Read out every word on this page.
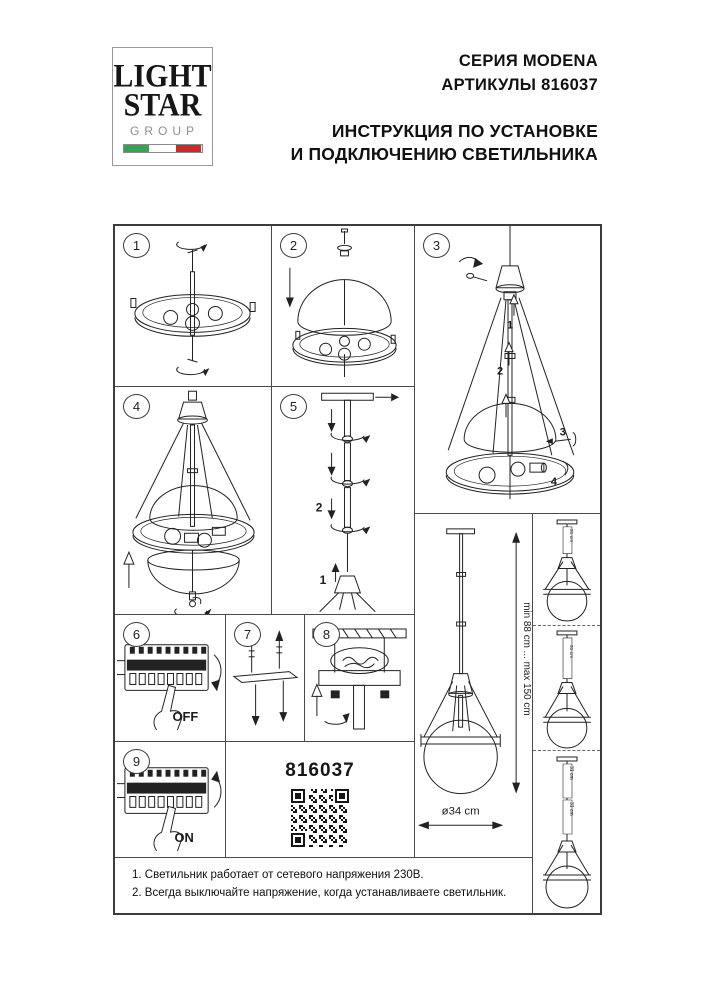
LIGHT
STAR
GROUP
СЕРИЯ MODENA
АРТИКУЛЫ 816037
ИНСТРУКЦИЯ ПО УСТАНОВКЕ
И ПОДКЛЮЧЕНИЮ СВЕТИЛЬНИКА
1	2	3
1
2
3
4
4	5
2
1
6
OFF
7	8
9
ON
816037
min 88 cm ... max 150 cm
ø34 cm
1. Светильник работает от сетевого напряжения 230В.
2. Всегда выключайте напряжение, когда устанавливаете светильник.
31 cm
31 cm
31 cm
31 cm
